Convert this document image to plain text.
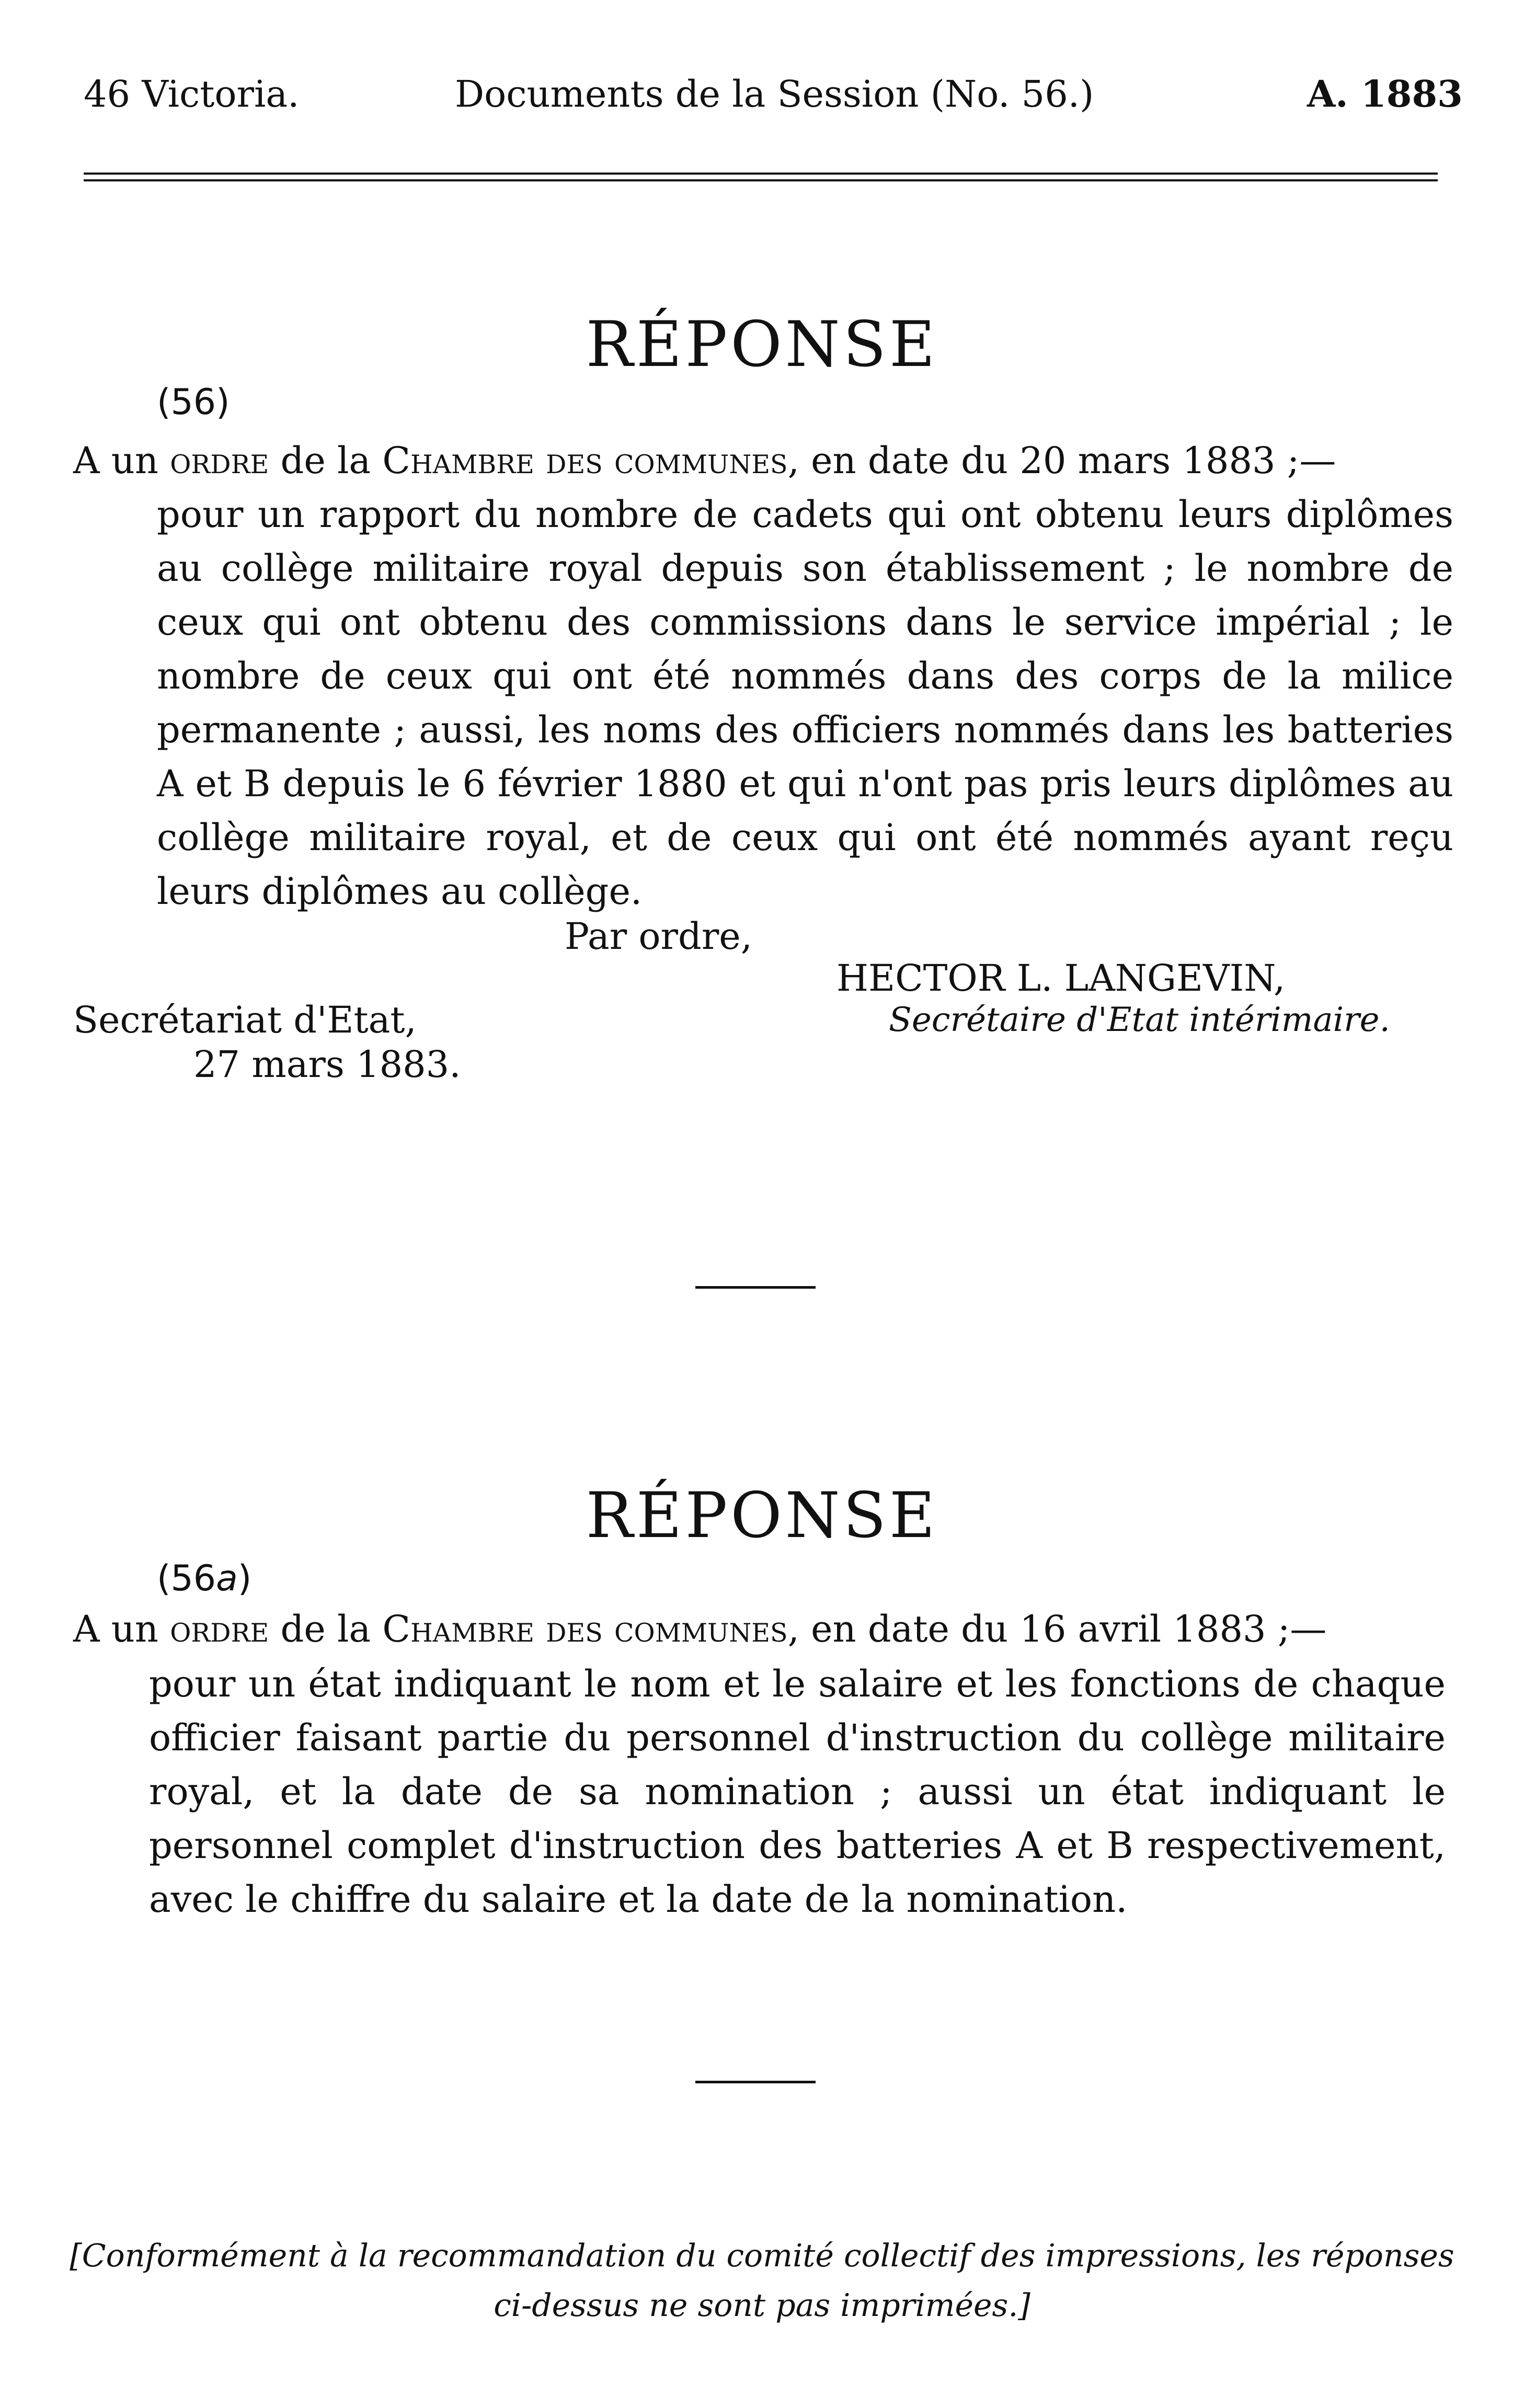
46 Victoria.	Documents de la Session (No. 56.)	A. 1883
RÉPONSE
(56)
A un ordre de la Chambre des communes, en date du 20 mars 1883 ;—
pour un rapport du nombre de cadets qui ont obtenu leurs diplômes au collège militaire royal depuis son établissement ; le nombre de ceux qui ont obtenu des commissions dans le service impérial ; le nombre de ceux qui ont été nommés dans des corps de la milice permanente ; aussi, les noms des officiers nommés dans les batteries A et B depuis le 6 février 1880 et qui n'ont pas pris leurs diplômes au collège militaire royal, et de ceux qui ont été nommés ayant reçu leurs diplômes au collège.
Par ordre,
HECTOR L. LANGEVIN,
Secrétaire d'Etat intérimaire.
Secrétariat d'Etat,
27 mars 1883.
RÉPONSE
(56a)
A un ordre de la Chambre des communes, en date du 16 avril 1883 ;—
pour un état indiquant le nom et le salaire et les fonctions de chaque officier faisant partie du personnel d'instruction du collège militaire royal, et la date de sa nomination ; aussi un état indiquant le personnel complet d'instruction des batteries A et B respectivement, avec le chiffre du salaire et la date de la nomination.
[Conformément à la recommandation du comité collectif des impressions, les réponses
ci-dessus ne sont pas imprimées.]
